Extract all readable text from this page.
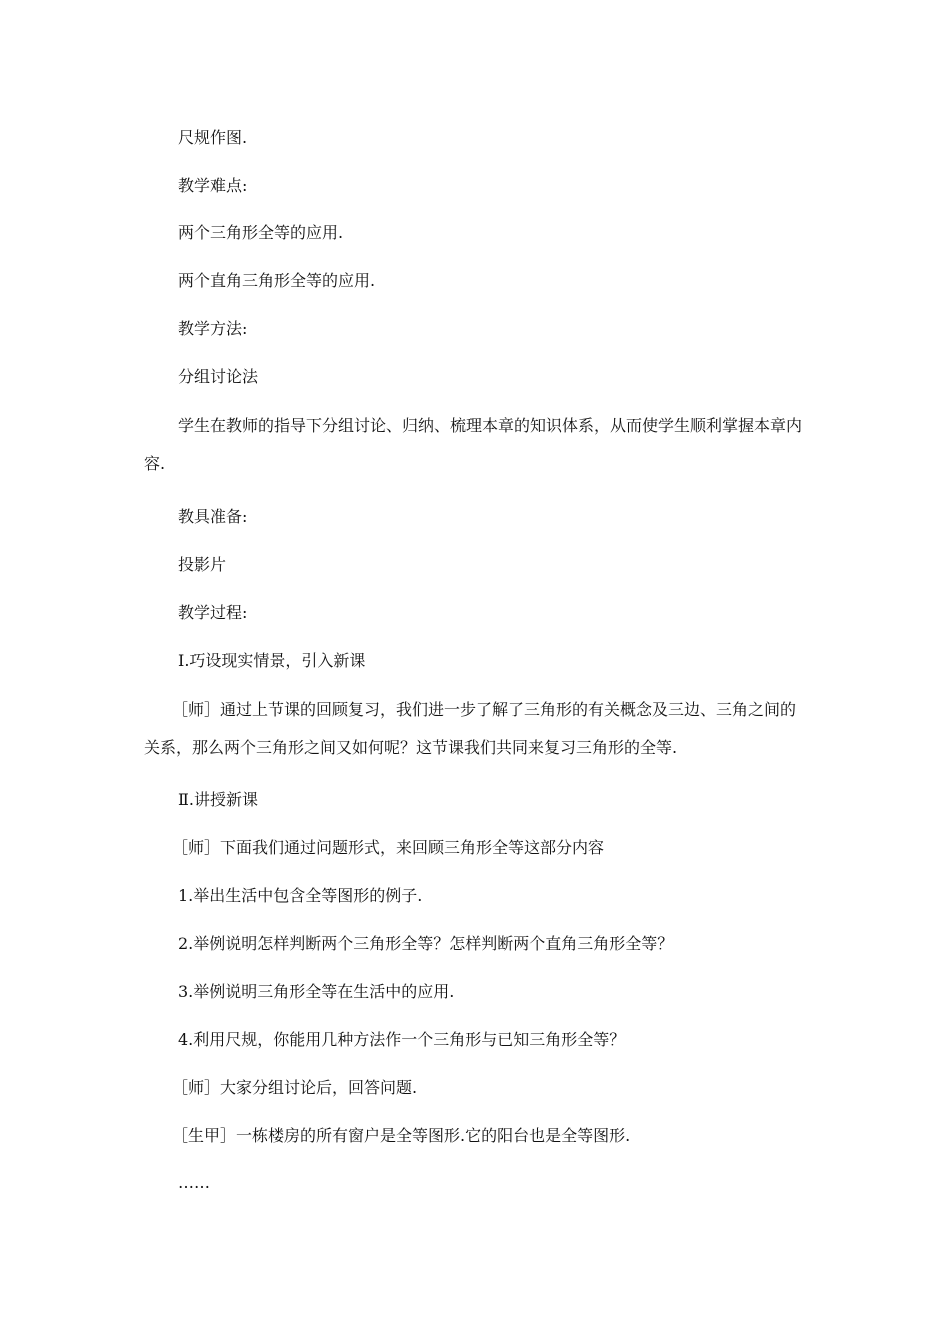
尺规作图.
教学难点:
两个三角形全等的应用.
两个直角三角形全等的应用.
教学方法:
分组讨论法
学生在教师的指导下分组讨论、归纳、梳理本章的知识体系，从而使学生顺利掌握本章内容.
教具准备:
投影片
教学过程:
Ⅰ.巧设现实情景，引入新课
［师］通过上节课的回顾复习，我们进一步了解了三角形的有关概念及三边、三角之间的关系，那么两个三角形之间又如何呢？这节课我们共同来复习三角形的全等.
Ⅱ.讲授新课
［师］下面我们通过问题形式，来回顾三角形全等这部分内容
1.举出生活中包含全等图形的例子.
2.举例说明怎样判断两个三角形全等？怎样判断两个直角三角形全等？
3.举例说明三角形全等在生活中的应用.
4.利用尺规，你能用几种方法作一个三角形与已知三角形全等？
［师］大家分组讨论后，回答问题.
［生甲］一栋楼房的所有窗户是全等图形.它的阳台也是全等图形.
……
